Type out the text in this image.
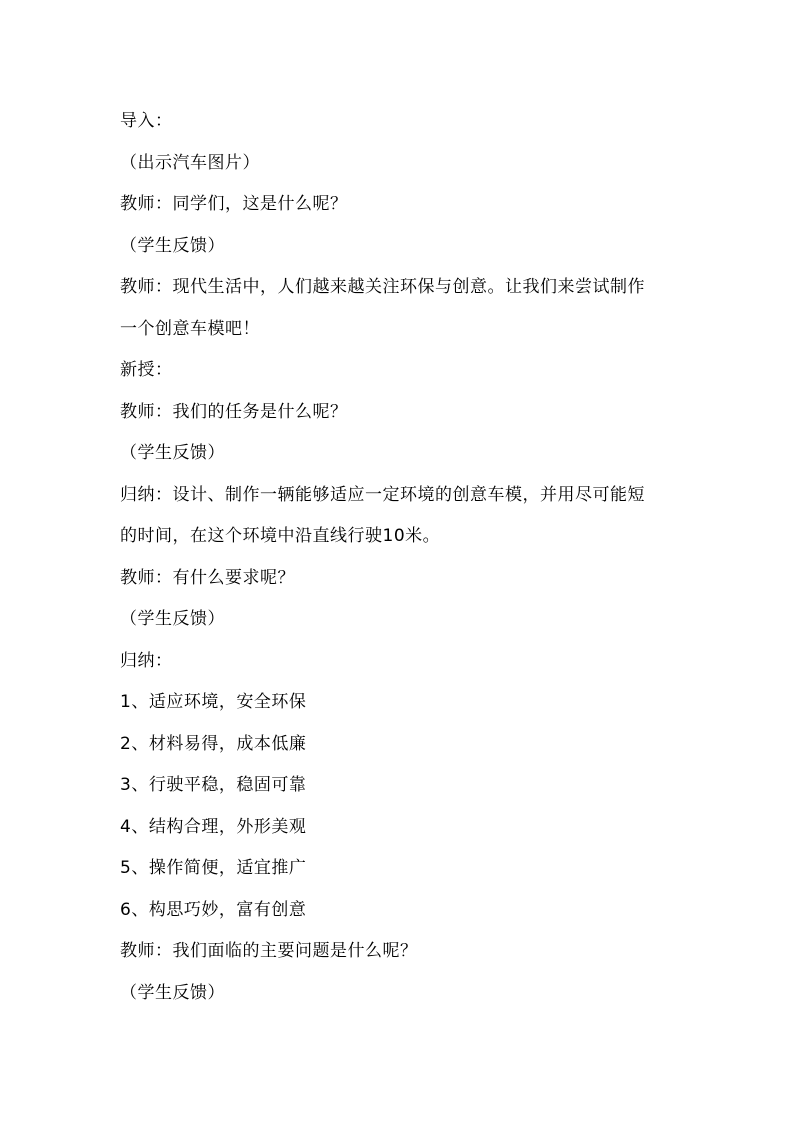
导入：
（出示汽车图片）
教师：同学们，这是什么呢？
（学生反馈）
教师：现代生活中，人们越来越关注环保与创意。让我们来尝试制作
一个创意车模吧！
新授：
教师：我们的任务是什么呢？
（学生反馈）
归纳：设计、制作一辆能够适应一定环境的创意车模，并用尽可能短
的时间，在这个环境中沿直线行驶10米。
教师：有什么要求呢？
（学生反馈）
归纳：
1、适应环境，安全环保
2、材料易得，成本低廉
3、行驶平稳，稳固可靠
4、结构合理，外形美观
5、操作简便，适宜推广
6、构思巧妙，富有创意
教师：我们面临的主要问题是什么呢？
（学生反馈）
